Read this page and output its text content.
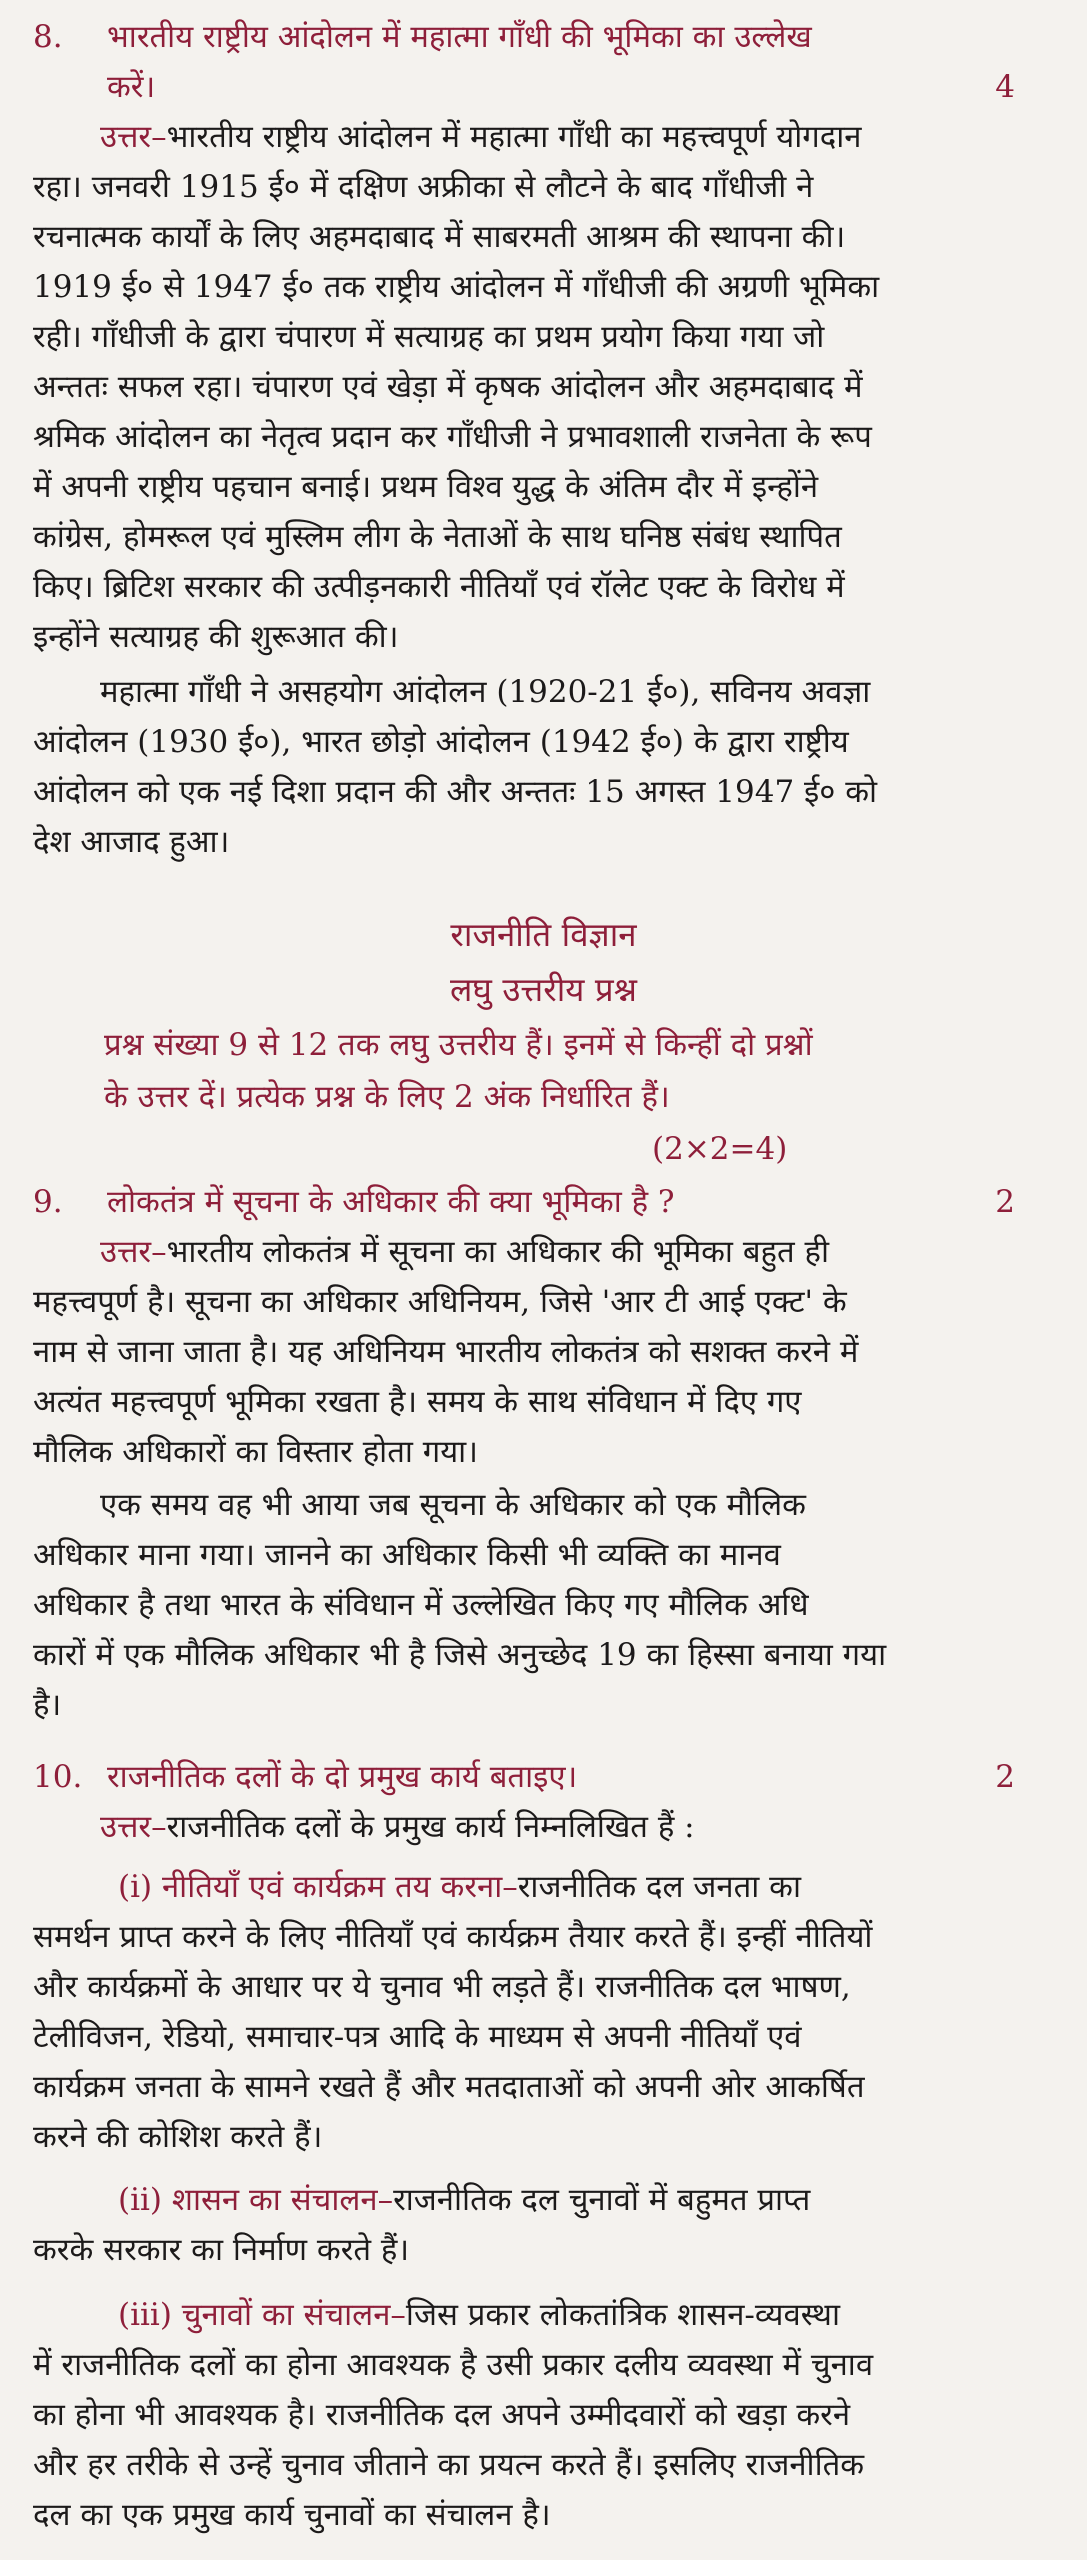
8. भारतीय राष्ट्रीय आंदोलन में महात्मा गाँधी की भूमिका का उल्लेख
करें।	4
उत्तर–भारतीय राष्ट्रीय आंदोलन में महात्मा गाँधी का महत्त्वपूर्ण योगदान
रहा। जनवरी 1915 ई० में दक्षिण अफ्रीका से लौटने के बाद गाँधीजी ने
रचनात्मक कार्यों के लिए अहमदाबाद में साबरमती आश्रम की स्थापना की।
1919 ई० से 1947 ई० तक राष्ट्रीय आंदोलन में गाँधीजी की अग्रणी भूमिका
रही। गाँधीजी के द्वारा चंपारण में सत्याग्रह का प्रथम प्रयोग किया गया जो
अन्ततः सफल रहा। चंपारण एवं खेड़ा में कृषक आंदोलन और अहमदाबाद में
श्रमिक आंदोलन का नेतृत्व प्रदान कर गाँधीजी ने प्रभावशाली राजनेता के रूप
में अपनी राष्ट्रीय पहचान बनाई। प्रथम विश्व युद्ध के अंतिम दौर में इन्होंने
कांग्रेस, होमरूल एवं मुस्लिम लीग के नेताओं के साथ घनिष्ठ संबंध स्थापित
किए। ब्रिटिश सरकार की उत्पीड़नकारी नीतियाँ एवं रॉलेट एक्ट के विरोध में
इन्होंने सत्याग्रह की शुरूआत की।
महात्मा गाँधी ने असहयोग आंदोलन (1920-21 ई०), सविनय अवज्ञा
आंदोलन (1930 ई०), भारत छोड़ो आंदोलन (1942 ई०) के द्वारा राष्ट्रीय
आंदोलन को एक नई दिशा प्रदान की और अन्ततः 15 अगस्त 1947 ई० को
देश आजाद हुआ।
राजनीति विज्ञान
लघु उत्तरीय प्रश्न
प्रश्न संख्या 9 से 12 तक लघु उत्तरीय हैं। इनमें से किन्हीं दो प्रश्नों
के उत्तर दें। प्रत्येक प्रश्न के लिए 2 अंक निर्धारित हैं।
(2×2=4)
9. लोकतंत्र में सूचना के अधिकार की क्या भूमिका है ?	2
उत्तर–भारतीय लोकतंत्र में सूचना का अधिकार की भूमिका बहुत ही
महत्त्वपूर्ण है। सूचना का अधिकार अधिनियम, जिसे 'आर टी आई एक्ट' के
नाम से जाना जाता है। यह अधिनियम भारतीय लोकतंत्र को सशक्त करने में
अत्यंत महत्त्वपूर्ण भूमिका रखता है। समय के साथ संविधान में दिए गए
मौलिक अधिकारों का विस्तार होता गया।
एक समय वह भी आया जब सूचना के अधिकार को एक मौलिक
अधिकार माना गया। जानने का अधिकार किसी भी व्यक्ति का मानव
अधिकार है तथा भारत के संविधान में उल्लेखित किए गए मौलिक अधि
कारों में एक मौलिक अधिकार भी है जिसे अनुच्छेद 19 का हिस्सा बनाया गया
है।
10. राजनीतिक दलों के दो प्रमुख कार्य बताइए।	2
उत्तर–राजनीतिक दलों के प्रमुख कार्य निम्नलिखित हैं :
(i) नीतियाँ एवं कार्यक्रम तय करना–राजनीतिक दल जनता का
समर्थन प्राप्त करने के लिए नीतियाँ एवं कार्यक्रम तैयार करते हैं। इन्हीं नीतियों
और कार्यक्रमों के आधार पर ये चुनाव भी लड़ते हैं। राजनीतिक दल भाषण,
टेलीविजन, रेडियो, समाचार-पत्र आदि के माध्यम से अपनी नीतियाँ एवं
कार्यक्रम जनता के सामने रखते हैं और मतदाताओं को अपनी ओर आकर्षित
करने की कोशिश करते हैं।
(ii) शासन का संचालन–राजनीतिक दल चुनावों में बहुमत प्राप्त
करके सरकार का निर्माण करते हैं।
(iii) चुनावों का संचालन–जिस प्रकार लोकतांत्रिक शासन-व्यवस्था
में राजनीतिक दलों का होना आवश्यक है उसी प्रकार दलीय व्यवस्था में चुनाव
का होना भी आवश्यक है। राजनीतिक दल अपने उम्मीदवारों को खड़ा करने
और हर तरीके से उन्हें चुनाव जीताने का प्रयत्न करते हैं। इसलिए राजनीतिक
दल का एक प्रमुख कार्य चुनावों का संचालन है।
